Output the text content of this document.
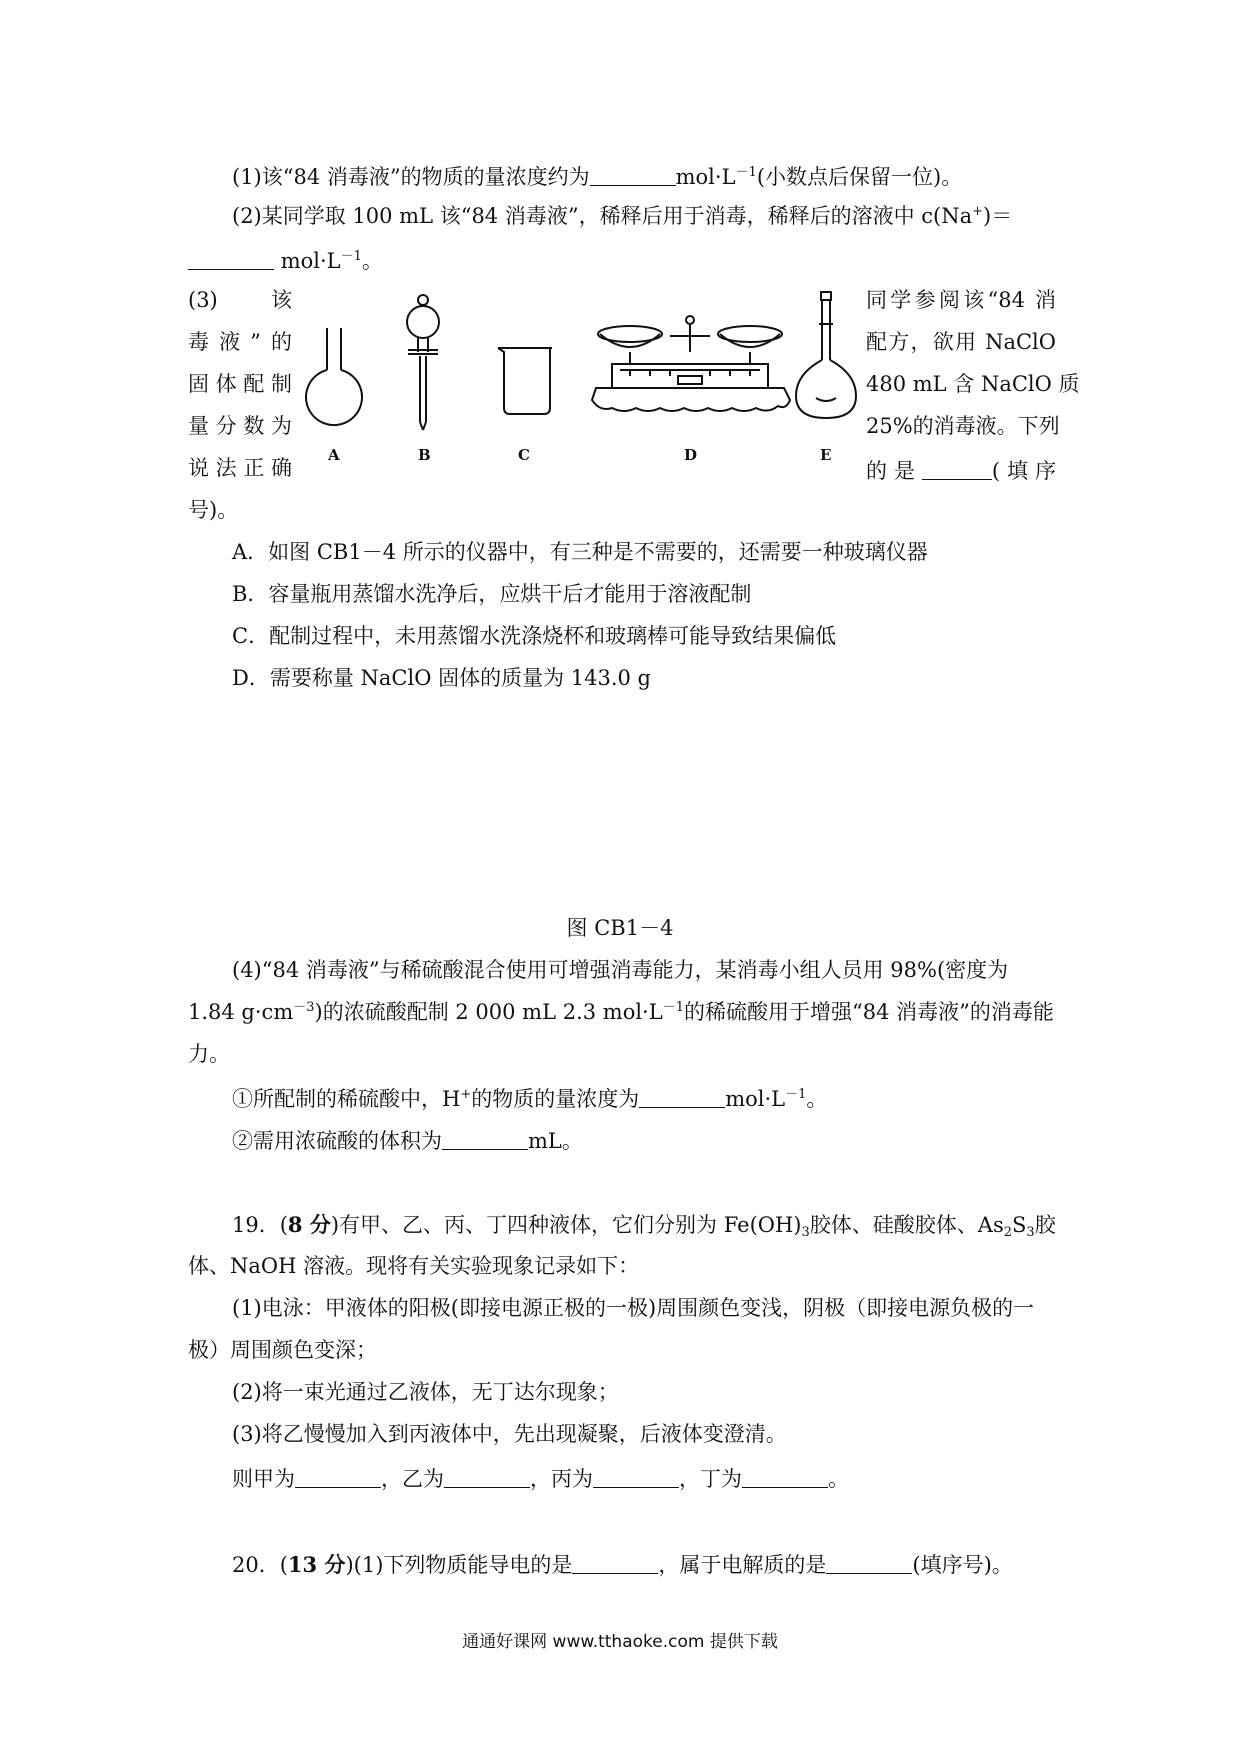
(1)该“84 消毒液”的物质的量浓度约为	$mol\cdot L^{-1}$(小数点后保留一位)。
(2)某同学取 100 mL 该“84 消毒液”，稀释后用于消毒，稀释后的溶液中 c(Na+)＝
$mol\cdot L^{-1}$。
(3) 该
毒液”的
固体配制
量分数为
说法正确
同学参阅该“84 消
配方，欲用 NaClO
480 mL 含 NaClO 质
25%的消毒液。下列
的是	(填序
号)。
A	B	C	D	E
A．如图 CB1－4 所示的仪器中，有三种是不需要的，还需要一种玻璃仪器
B．容量瓶用蒸馏水洗净后，应烘干后才能用于溶液配制
C．配制过程中，未用蒸馏水洗涤烧杯和玻璃棒可能导致结果偏低
D．需要称量 NaClO 固体的质量为 143.0 g
图 CB1－4
(4)“84 消毒液”与稀硫酸混合使用可增强消毒能力，某消毒小组人员用 98%(密度为
1.84 $g\cdot cm^{-3}$)的浓硫酸配制 2 000 mL 2.3 $mol\cdot L^{-1}$的稀硫酸用于增强“84 消毒液”的消毒能
力。
①所配制的稀硫酸中，H+的物质的量浓度为	$mol\cdot L^{-1}$。
②需用浓硫酸的体积为	mL。
19．(8 分)有甲、乙、丙、丁四种液体，它们分别为 $Fe(OH)_3$胶体、硅酸胶体、$As_2S_3$胶
体、NaOH 溶液。现将有关实验现象记录如下：
(1)电泳：甲液体的阳极(即接电源正极的一极)周围颜色变浅，阴极（即接电源负极的一
极）周围颜色变深；
(2)将一束光通过乙液体，无丁达尔现象；
(3)将乙慢慢加入到丙液体中，先出现凝聚，后液体变澄清。
则甲为	，乙为	，丙为	，丁为	。
20．(13 分)(1)下列物质能导电的是	，属于电解质的是	(填序号)。
通通好课网 www.tthaoke.com 提供下载
